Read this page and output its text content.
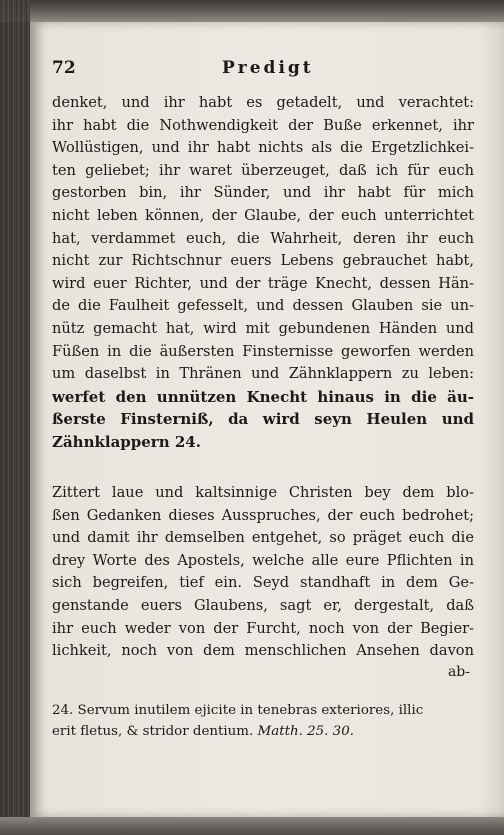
72	Predigt
denket, und ihr habt es getadelt, und verachtet:
ihr habt die Nothwendigkeit der Buße erkennet, ihr
Wollüstigen, und ihr habt nichts als die Ergetzlichkei-
ten geliebet; ihr waret überzeuget, daß ich für euch
gestorben bin, ihr Sünder, und ihr habt für mich
nicht leben können, der Glaube, der euch unterrichtet
hat, verdammet euch, die Wahrheit, deren ihr euch
nicht zur Richtschnur euers Lebens gebrauchet habt,
wird euer Richter, und der träge Knecht, dessen Hän-
de die Faulheit gefesselt, und dessen Glauben sie un-
nütz gemacht hat, wird mit gebundenen Händen und
Füßen in die äußersten Finsternisse geworfen werden
um daselbst in Thränen und Zähnklappern zu leben:
werfet den unnützen Knecht hinaus in die äu-
ßerste Finsterniß, da wird seyn Heulen und
Zähnklappern 24.
Zittert laue und kaltsinnige Christen bey dem blo-
ßen Gedanken dieses Ausspruches, der euch bedrohet;
und damit ihr demselben entgehet, so präget euch die
drey Worte des Apostels, welche alle eure Pflichten in
sich begreifen, tief ein. Seyd standhaft in dem Ge-
genstande euers Glaubens, sagt er, dergestalt, daß
ihr euch weder von der Furcht, noch von der Begier-
lichkeit, noch von dem menschlichen Ansehen davon
ab-
24. Servum inutilem ejicite in tenebras exteriores, illic
erit fletus, & stridor dentium. Matth. 25. 30.
